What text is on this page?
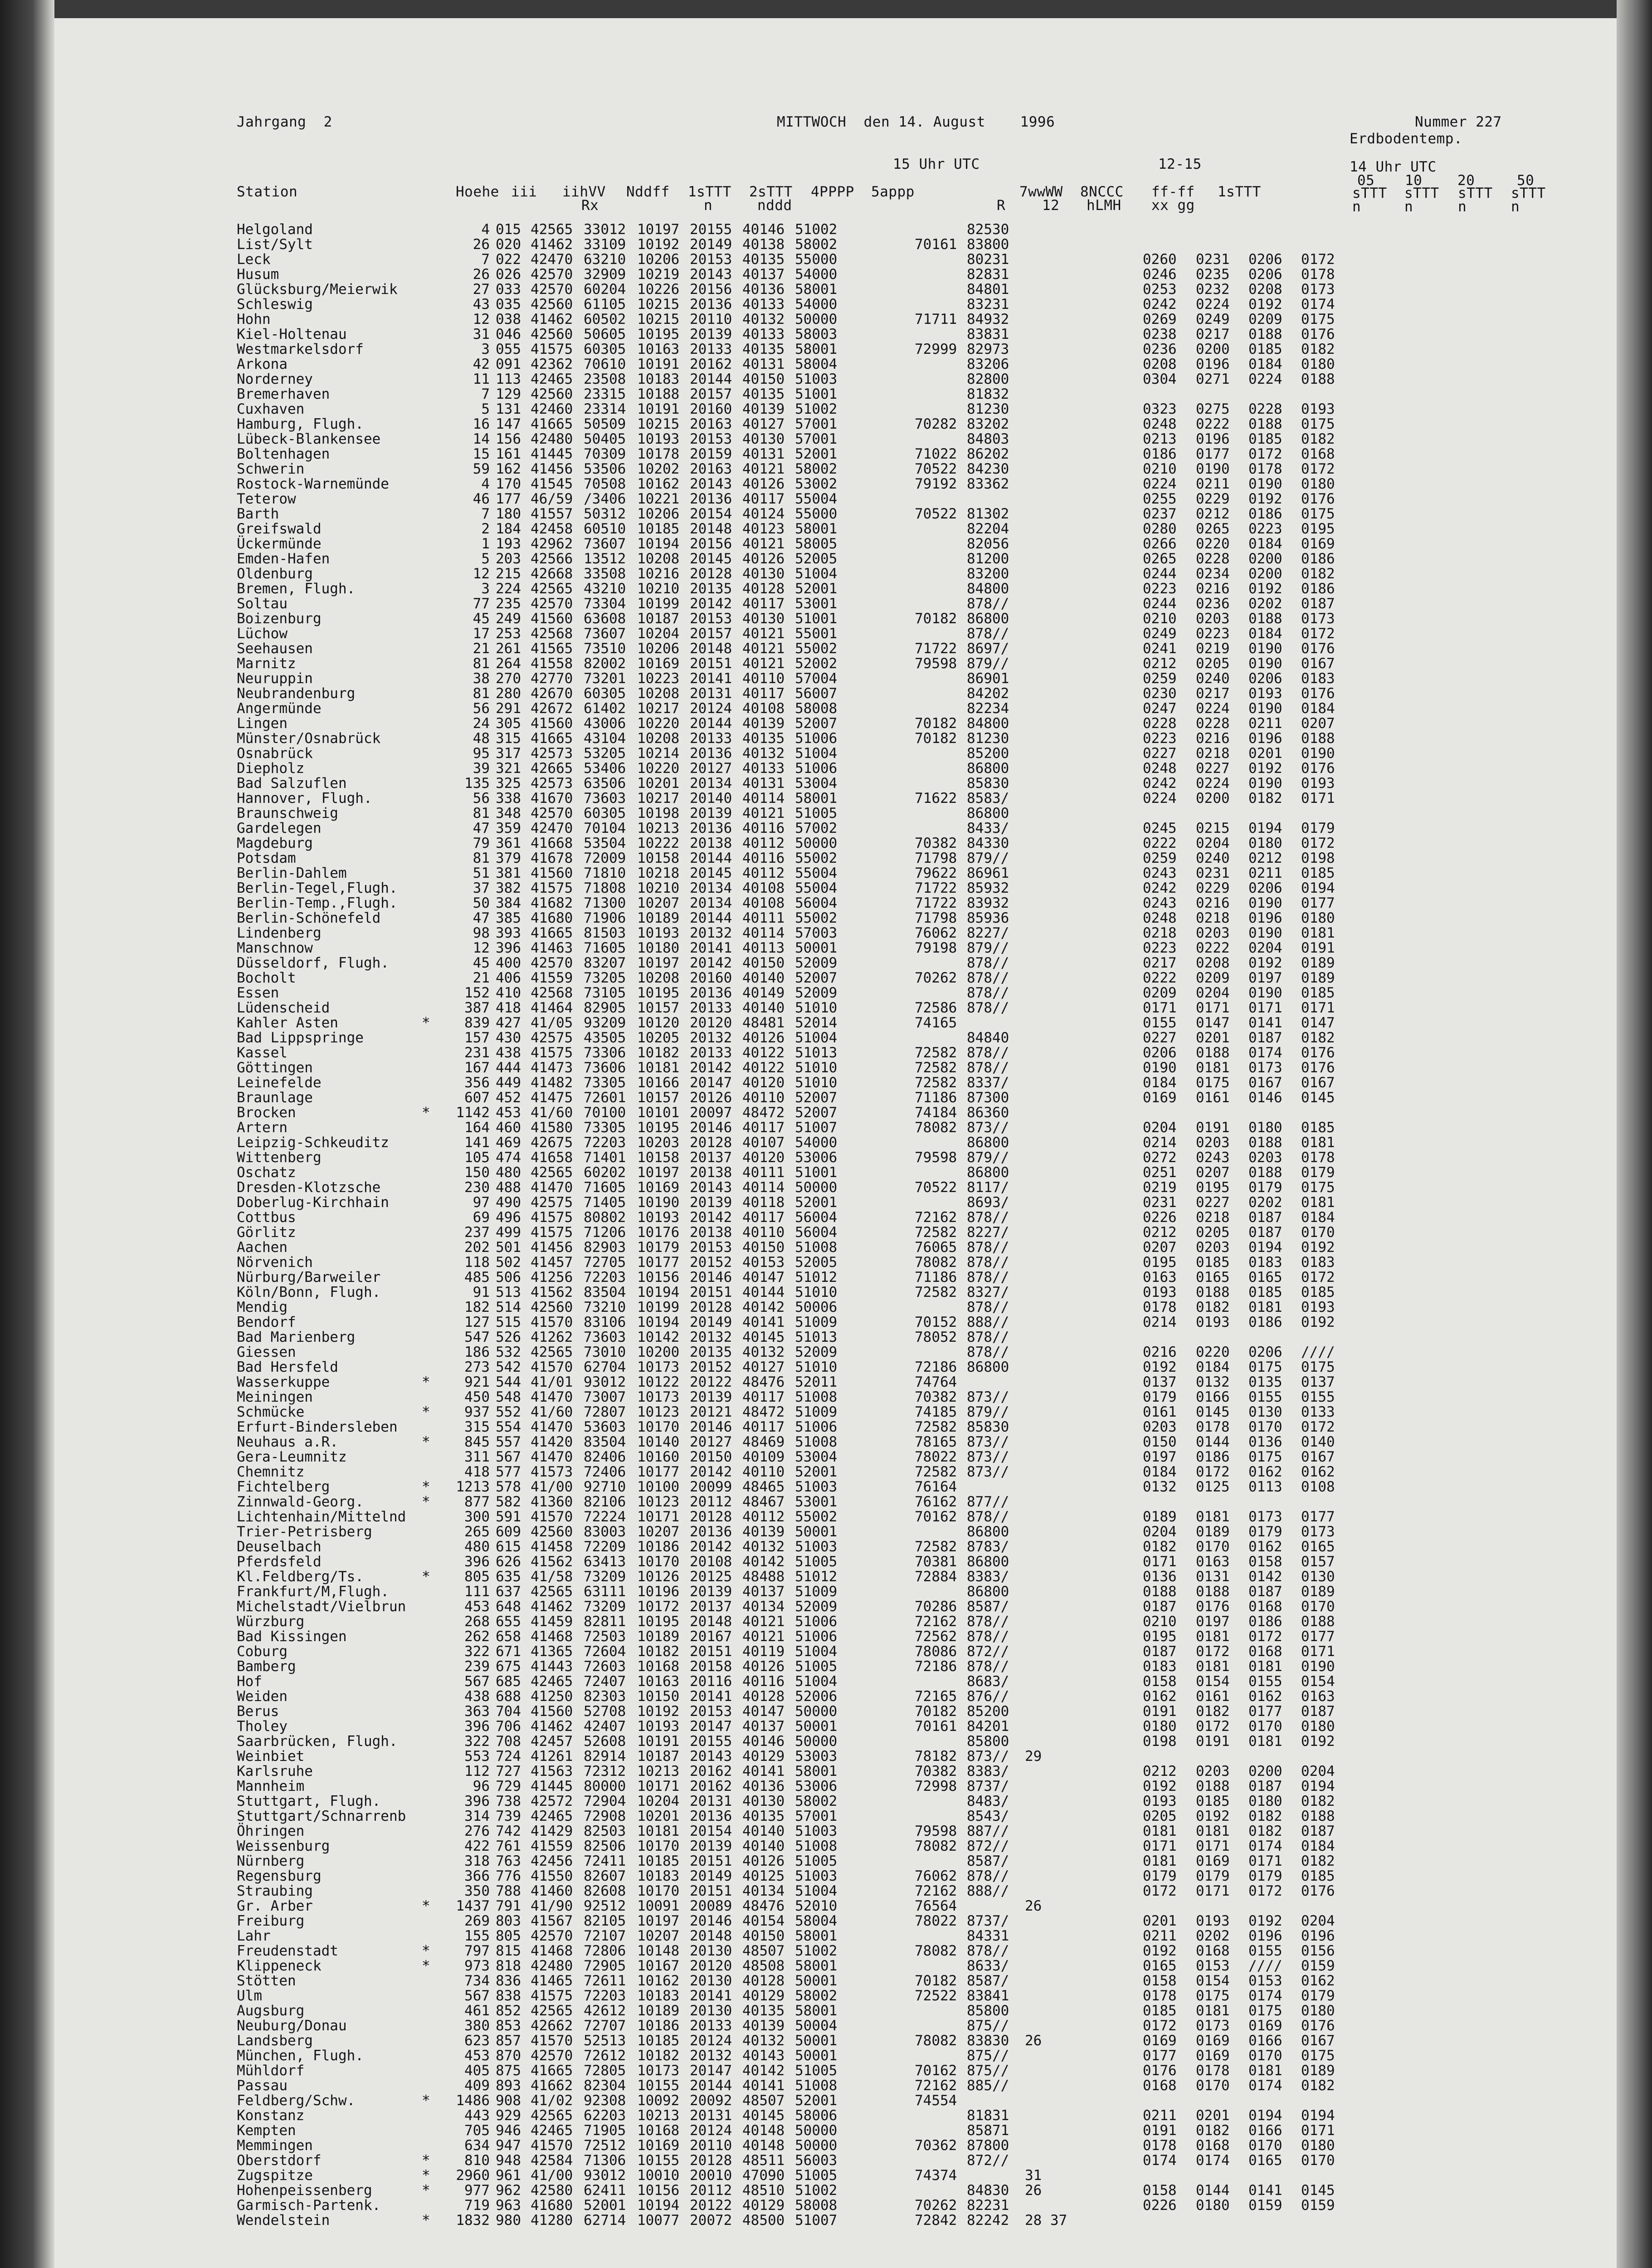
Jahrgang  2	MITTWOCH  den 14. August    1996	Nummer 227
Erdbodentemp.
15 Uhr UTC	12-15	14 Uhr UTC
05 10	20	50
Station	Hoehe iii iihVV Nddff 1sTTT 2sTTT 4PPPP 5appp	7wwWW 8NCCC ff-ff 1sTTT	sTTT sTTT sTTT sTTT
Rx	n	nddd	R	12 hLMH xx gg	n	n	n	n
Helgoland	4 015 42565 33012 10197 20155 40146 51002	82530
List/Sylt	26 020 41462 33109 10192 20149 40138 58002	70161 83800
Leck	7 022 42470 63210 10206 20153 40135 55000	80231	0260 0231 0206 0172
Husum	26 026 42570 32909 10219 20143 40137 54000	82831	0246 0235 0206 0178
Glücksburg/Meierwik	27 033 42570 60204 10226 20156 40136 58001	84801	0253 0232 0208 0173
Schleswig	43 035 42560 61105 10215 20136 40133 54000	83231	0242 0224 0192 0174
Hohn	12 038 41462 60502 10215 20110 40132 50000	71711 84932	0269 0249 0209 0175
Kiel-Holtenau	31 046 42560 50605 10195 20139 40133 58003	83831	0238 0217 0188 0176
Westmarkelsdorf	3 055 41575 60305 10163 20133 40135 58001	72999 82973	0236 0200 0185 0182
Arkona	42 091 42362 70610 10191 20162 40131 58004	83206	0208 0196 0184 0180
Norderney	11 113 42465 23508 10183 20144 40150 51003	82800	0304 0271 0224 0188
Bremerhaven	7 129 42560 23315 10188 20157 40135 51001	81832
Cuxhaven	5 131 42460 23314 10191 20160 40139 51002	81230	0323 0275 0228 0193
Hamburg, Flugh.	16 147 41665 50509 10215 20163 40127 57001	70282 83202	0248 0222 0188 0175
Lübeck-Blankensee	14 156 42480 50405 10193 20153 40130 57001	84803	0213 0196 0185 0182
Boltenhagen	15 161 41445 70309 10178 20159 40131 52001	71022 86202	0186 0177 0172 0168
Schwerin	59 162 41456 53506 10202 20163 40121 58002	70522 84230	0210 0190 0178 0172
Rostock-Warnemünde	4 170 41545 70508 10162 20143 40126 53002	79192 83362	0224 0211 0190 0180
Teterow	46 177 46/59 /3406 10221 20136 40117 55004	0255 0229 0192 0176
Barth	7 180 41557 50312 10206 20154 40124 55000	70522 81302	0237 0212 0186 0175
Greifswald	2 184 42458 60510 10185 20148 40123 58001	82204	0280 0265 0223 0195
Ückermünde	1 193 42962 73607 10194 20156 40121 58005	82056	0266 0220 0184 0169
Emden-Hafen	5 203 42566 13512 10208 20145 40126 52005	81200	0265 0228 0200 0186
Oldenburg	12 215 42668 33508 10216 20128 40130 51004	83200	0244 0234 0200 0182
Bremen, Flugh.	3 224 42565 43210 10210 20135 40128 52001	84800	0223 0216 0192 0186
Soltau	77 235 42570 73304 10199 20142 40117 53001	878//	0244 0236 0202 0187
Boizenburg	45 249 41560 63608 10187 20153 40130 51001	70182 86800	0210 0203 0188 0173
Lüchow	17 253 42568 73607 10204 20157 40121 55001	878//	0249 0223 0184 0172
Seehausen	21 261 41565 73510 10206 20148 40121 55002	71722 8697/	0241 0219 0190 0176
Marnitz	81 264 41558 82002 10169 20151 40121 52002	79598 879//	0212 0205 0190 0167
Neuruppin	38 270 42770 73201 10223 20141 40110 57004	86901	0259 0240 0206 0183
Neubrandenburg	81 280 42670 60305 10208 20131 40117 56007	84202	0230 0217 0193 0176
Angermünde	56 291 42672 61402 10217 20124 40108 58008	82234	0247 0224 0190 0184
Lingen	24 305 41560 43006 10220 20144 40139 52007	70182 84800	0228 0228 0211 0207
Münster/Osnabrück	48 315 41665 43104 10208 20133 40135 51006	70182 81230	0223 0216 0196 0188
Osnabrück	95 317 42573 53205 10214 20136 40132 51004	85200	0227 0218 0201 0190
Diepholz	39 321 42665 53406 10220 20127 40133 51006	86800	0248 0227 0192 0176
Bad Salzuflen	135 325 42573 63506 10201 20134 40131 53004	85830	0242 0224 0190 0193
Hannover, Flugh.	56 338 41670 73603 10217 20140 40114 58001	71622 8583/	0224 0200 0182 0171
Braunschweig	81 348 42570 60305 10198 20139 40121 51005	86800
Gardelegen	47 359 42470 70104 10213 20136 40116 57002	8433/	0245 0215 0194 0179
Magdeburg	79 361 41668 53504 10222 20138 40112 50000	70382 84330	0222 0204 0180 0172
Potsdam	81 379 41678 72009 10158 20144 40116 55002	71798 879//	0259 0240 0212 0198
Berlin-Dahlem	51 381 41560 71810 10218 20145 40112 55004	79622 86961	0243 0231 0211 0185
Berlin-Tegel,Flugh.	37 382 41575 71808 10210 20134 40108 55004	71722 85932	0242 0229 0206 0194
Berlin-Temp.,Flugh.	50 384 41682 71300 10207 20134 40108 56004	71722 83932	0243 0216 0190 0177
Berlin-Schönefeld	47 385 41680 71906 10189 20144 40111 55002	71798 85936	0248 0218 0196 0180
Lindenberg	98 393 41665 81503 10193 20132 40114 57003	76062 8227/	0218 0203 0190 0181
Manschnow	12 396 41463 71605 10180 20141 40113 50001	79198 879//	0223 0222 0204 0191
Düsseldorf, Flugh.	45 400 42570 83207 10197 20142 40150 52009	878//	0217 0208 0192 0189
Bocholt	21 406 41559 73205 10208 20160 40140 52007	70262 878//	0222 0209 0197 0189
Essen	152 410 42568 73105 10195 20136 40149 52009	878//	0209 0204 0190 0185
Lüdenscheid	387 418 41464 82905 10157 20133 40140 51010	72586 878//	0171 0171 0171 0171
Kahler Asten	* 839 427 41/05 93209 10120 20120 48481 52014	74165	0155 0147 0141 0147
Bad Lippspringe	157 430 42575 43505 10205 20132 40126 51004	84840	0227 0201 0187 0182
Kassel	231 438 41575 73306 10182 20133 40122 51013	72582 878//	0206 0188 0174 0176
Göttingen	167 444 41473 73606 10181 20142 40122 51010	72582 878//	0190 0181 0173 0176
Leinefelde	356 449 41482 73305 10166 20147 40120 51010	72582 8337/	0184 0175 0167 0167
Braunlage	607 452 41475 72601 10157 20126 40110 52007	71186 87300	0169 0161 0146 0145
Brocken	* 1142 453 41/60 70100 10101 20097 48472 52007	74184 86360
Artern	164 460 41580 73305 10195 20146 40117 51007	78082 873//	0204 0191 0180 0185
Leipzig-Schkeuditz	141 469 42675 72203 10203 20128 40107 54000	86800	0214 0203 0188 0181
Wittenberg	105 474 41658 71401 10158 20137 40120 53006	79598 879//	0272 0243 0203 0178
Oschatz	150 480 42565 60202 10197 20138 40111 51001	86800	0251 0207 0188 0179
Dresden-Klotzsche	230 488 41470 71605 10169 20143 40114 50000	70522 8117/	0219 0195 0179 0175
Doberlug-Kirchhain	97 490 42575 71405 10190 20139 40118 52001	8693/	0231 0227 0202 0181
Cottbus	69 496 41575 80802 10193 20142 40117 56004	72162 878//	0226 0218 0187 0184
Görlitz	237 499 41575 71206 10176 20138 40110 56004	72582 8227/	0212 0205 0187 0170
Aachen	202 501 41456 82903 10179 20153 40150 51008	76065 878//	0207 0203 0194 0192
Nörvenich	118 502 41457 72705 10177 20152 40153 52005	78082 878//	0195 0185 0183 0183
Nürburg/Barweiler	485 506 41256 72203 10156 20146 40147 51012	71186 878//	0163 0165 0165 0172
Köln/Bonn, Flugh.	91 513 41562 83504 10194 20151 40144 51010	72582 8327/	0193 0188 0185 0185
Mendig	182 514 42560 73210 10199 20128 40142 50006	878//	0178 0182 0181 0193
Bendorf	127 515 41570 83106 10194 20149 40141 51009	70152 888//	0214 0193 0186 0192
Bad Marienberg	547 526 41262 73603 10142 20132 40145 51013	78052 878//
Giessen	186 532 42565 73010 10200 20135 40132 52009	878//	0216 0220 0206 ////
Bad Hersfeld	273 542 41570 62704 10173 20152 40127 51010	72186 86800	0192 0184 0175 0175
Wasserkuppe	* 921 544 41/01 93012 10122 20122 48476 52011	74764	0137 0132 0135 0137
Meiningen	450 548 41470 73007 10173 20139 40117 51008	70382 873//	0179 0166 0155 0155
Schmücke	* 937 552 41/60 72807 10123 20121 48472 51009	74185 879//	0161 0145 0130 0133
Erfurt-Bindersleben	315 554 41470 53603 10170 20146 40117 51006	72582 85830	0203 0178 0170 0172
Neuhaus a.R.	* 845 557 41420 83504 10140 20127 48469 51008	78165 873//	0150 0144 0136 0140
Gera-Leumnitz	311 567 41470 82406 10160 20150 40109 53004	78022 873//	0197 0186 0175 0167
Chemnitz	418 577 41573 72406 10177 20142 40110 52001	72582 873//	0184 0172 0162 0162
Fichtelberg	* 1213 578 41/00 92710 10100 20099 48465 51003	76164	0132 0125 0113 0108
Zinnwald-Georg.	* 877 582 41360 82106 10123 20112 48467 53001	76162 877//
Lichtenhain/Mittelnd	300 591 41570 72224 10171 20128 40112 55002	70162 878//	0189 0181 0173 0177
Trier-Petrisberg	265 609 42560 83003 10207 20136 40139 50001	86800	0204 0189 0179 0173
Deuselbach	480 615 41458 72209 10186 20142 40132 51003	72582 8783/	0182 0170 0162 0165
Pferdsfeld	396 626 41562 63413 10170 20108 40142 51005	70381 86800	0171 0163 0158 0157
Kl.Feldberg/Ts.	* 805 635 41/58 73209 10126 20125 48488 51012	72884 8383/	0136 0131 0142 0130
Frankfurt/M,Flugh.	111 637 42565 63111 10196 20139 40137 51009	86800	0188 0188 0187 0189
Michelstadt/Vielbrun	453 648 41462 73209 10172 20137 40134 52009	70286 8587/	0187 0176 0168 0170
Würzburg	268 655 41459 82811 10195 20148 40121 51006	72162 878//	0210 0197 0186 0188
Bad Kissingen	262 658 41468 72503 10189 20167 40121 51006	72562 878//	0195 0181 0172 0177
Coburg	322 671 41365 72604 10182 20151 40119 51004	78086 872//	0187 0172 0168 0171
Bamberg	239 675 41443 72603 10168 20158 40126 51005	72186 878//	0183 0181 0181 0190
Hof	567 685 42465 72407 10163 20116 40116 51004	8683/	0158 0154 0155 0154
Weiden	438 688 41250 82303 10150 20141 40128 52006	72165 876//	0162 0161 0162 0163
Berus	363 704 41560 52708 10192 20153 40147 50000	70182 85200	0191 0182 0177 0187
Tholey	396 706 41462 42407 10193 20147 40137 50001	70161 84201	0180 0172 0170 0180
Saarbrücken, Flugh.	322 708 42457 52608 10191 20155 40146 50000	85800	0198 0191 0181 0192
Weinbiet	553 724 41261 82914 10187 20143 40129 53003	78182 873// 29
Karlsruhe	112 727 41563 72312 10213 20162 40141 58001	70382 8383/	0212 0203 0200 0204
Mannheim	96 729 41445 80000 10171 20162 40136 53006	72998 8737/	0192 0188 0187 0194
Stuttgart, Flugh.	396 738 42572 72904 10204 20131 40130 58002	8483/	0193 0185 0180 0182
Stuttgart/Schnarrenb	314 739 42465 72908 10201 20136 40135 57001	8543/	0205 0192 0182 0188
Öhringen	276 742 41429 82503 10181 20154 40140 51003	79598 887//	0181 0181 0182 0187
Weissenburg	422 761 41559 82506 10170 20139 40140 51008	78082 872//	0171 0171 0174 0184
Nürnberg	318 763 42456 72411 10185 20151 40126 51005	8587/	0181 0169 0171 0182
Regensburg	366 776 41550 82607 10183 20149 40125 51003	76062 878//	0179 0179 0179 0185
Straubing	350 788 41460 82608 10170 20151 40134 51004	72162 888//	0172 0171 0172 0176
Gr. Arber	* 1437 791 41/90 92512 10091 20089 48476 52010	76564	26
Freiburg	269 803 41567 82105 10197 20146 40154 58004	78022 8737/	0201 0193 0192 0204
Lahr	155 805 42570 72107 10207 20148 40150 58001	84331	0211 0202 0196 0196
Freudenstadt	* 797 815 41468 72806 10148 20130 48507 51002	78082 878//	0192 0168 0155 0156
Klippeneck	* 973 818 42480 72905 10167 20120 48508 58001	8633/	0165 0153 //// 0159
Stötten	734 836 41465 72611 10162 20130 40128 50001	70182 8587/	0158 0154 0153 0162
Ulm	567 838 41575 72203 10183 20141 40129 58002	72522 83841	0178 0175 0174 0179
Augsburg	461 852 42565 42612 10189 20130 40135 58001	85800	0185 0181 0175 0180
Neuburg/Donau	380 853 42662 72707 10186 20133 40139 50004	875//	0172 0173 0169 0176
Landsberg	623 857 41570 52513 10185 20124 40132 50001	78082 83830 26	0169 0169 0166 0167
München, Flugh.	453 870 42570 72612 10182 20132 40143 50001	875//	0177 0169 0170 0175
Mühldorf	405 875 41665 72805 10173 20147 40142 51005	70162 875//	0176 0178 0181 0189
Passau	409 893 41662 82304 10155 20144 40141 51008	72162 885//	0168 0170 0174 0182
Feldberg/Schw.	* 1486 908 41/02 92308 10092 20092 48507 52001	74554
Konstanz	443 929 42565 62203 10213 20131 40145 58006	81831	0211 0201 0194 0194
Kempten	705 946 42465 71905 10168 20124 40148 50000	85871	0191 0182 0166 0171
Memmingen	634 947 41570 72512 10169 20110 40148 50000	70362 87800	0178 0168 0170 0180
Oberstdorf	* 810 948 42584 71306 10155 20128 48511 56003	872//	0174 0174 0165 0170
Zugspitze	* 2960 961 41/00 93012 10010 20010 47090 51005	74374	31
Hohenpeissenberg	* 977 962 42580 62411 10156 20112 48510 51002	84830 26	0158 0144 0141 0145
Garmisch-Partenk.	719 963 41680 52001 10194 20122 40129 58008	70262 82231	0226 0180 0159 0159
Wendelstein	* 1832 980 41280 62714 10077 20072 48500 51007	72842 82242 28 37
